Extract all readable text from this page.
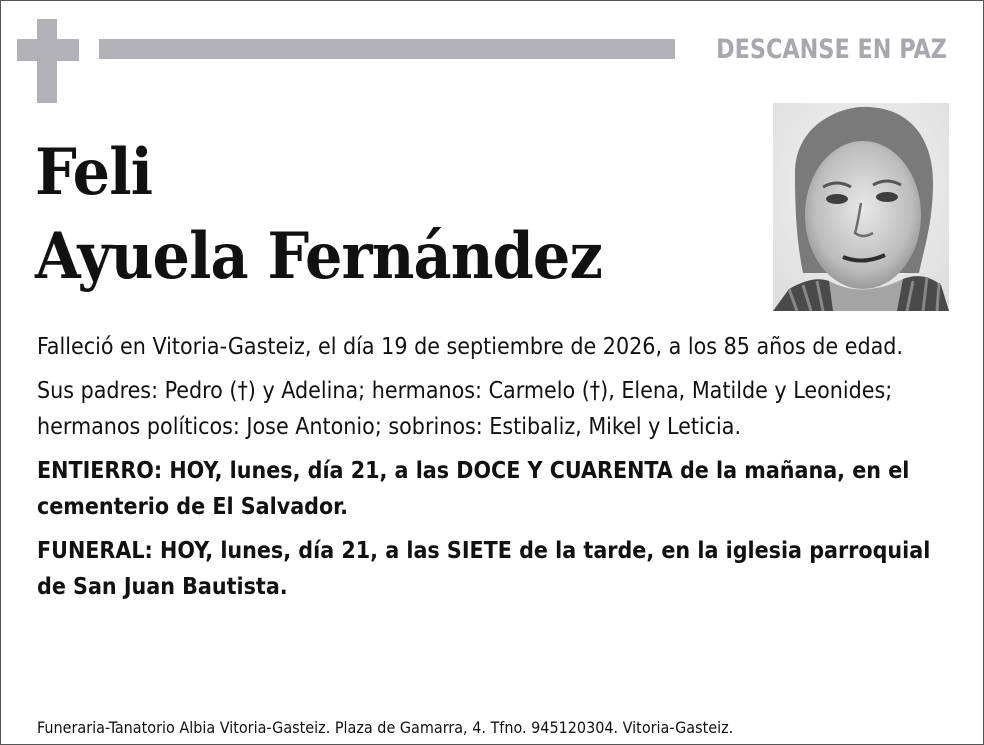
DESCANSE EN PAZ
Feli
Ayuela Fernández

Falleció en Vitoria-Gasteiz, el día 19 de septiembre de 2026, a los 85 años de edad.

Sus padres: Pedro (†) y Adelina; hermanos: Carmelo (†), Elena, Matilde y Leonides; hermanos políticos: Jose Antonio; sobrinos: Estibaliz, Mikel y Leticia.

ENTIERRO: HOY, lunes, día 21, a las DOCE Y CUARENTA de la mañana, en el cementerio de El Salvador.

FUNERAL: HOY, lunes, día 21, a las SIETE de la tarde, en la iglesia parroquial de San Juan Bautista.

Funeraria-Tanatorio Albia Vitoria-Gasteiz. Plaza de Gamarra, 4. Tfno. 945120304. Vitoria-Gasteiz.
